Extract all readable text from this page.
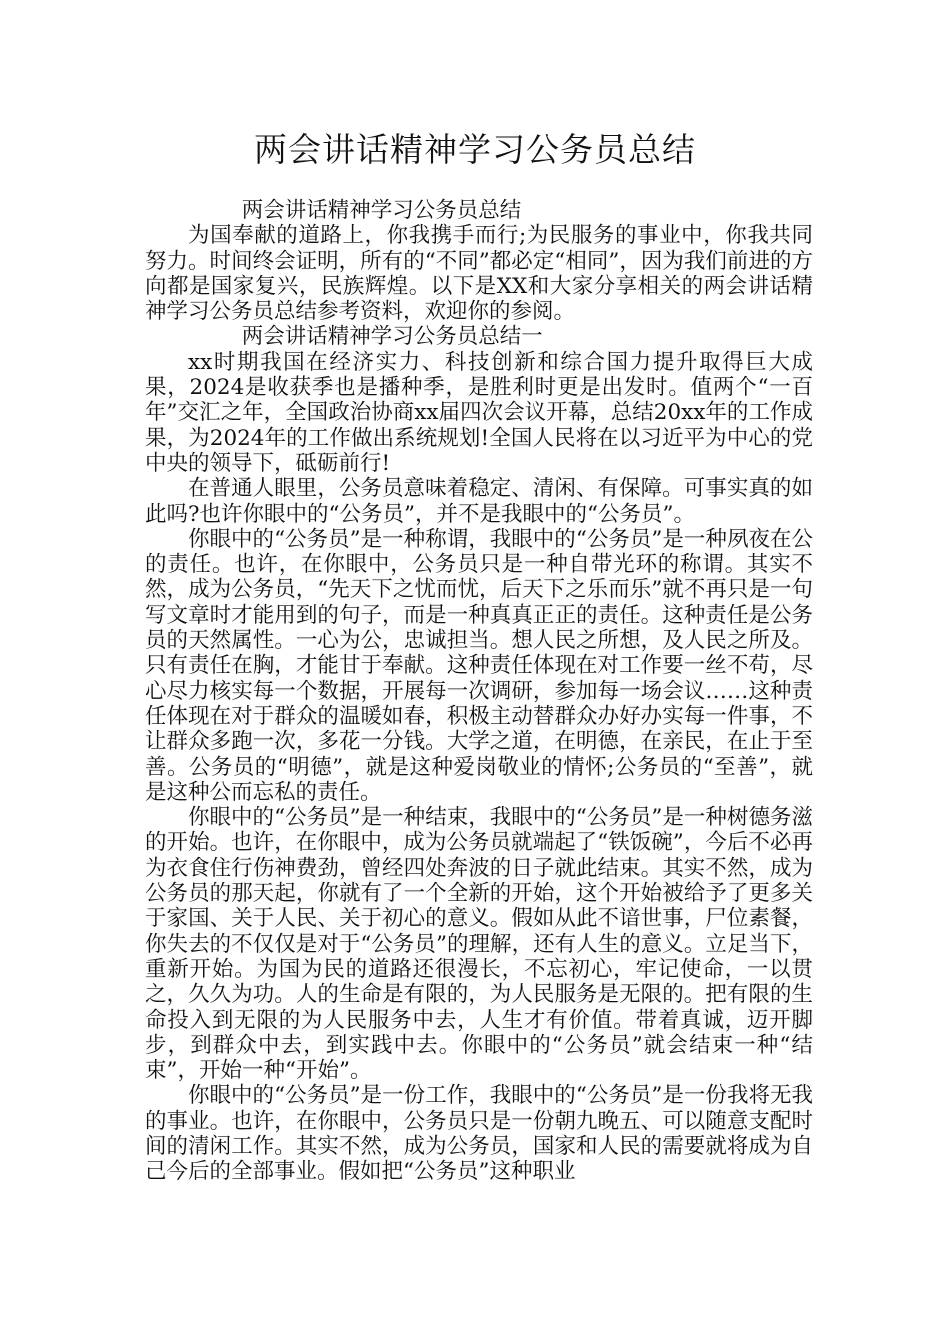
两会讲话精神学习公务员总结

两会讲话精神学习公务员总结

为国奉献的道路上，你我携手而行;为民服务的事业中，你我共同努力。时间终会证明，所有的“不同”都必定“相同”，因为我们前进的方向都是国家复兴，民族辉煌。以下是XX和大家分享相关的两会讲话精神学习公务员总结参考资料，欢迎你的参阅。

两会讲话精神学习公务员总结一

xx时期我国在经济实力、科技创新和综合国力提升取得巨大成果，2024是收获季也是播种季，是胜利时更是出发时。值两个“一百年”交汇之年，全国政治协商xx届四次会议开幕，总结20xx年的工作成果，为2024年的工作做出系统规划!全国人民将在以习近平为中心的党中央的领导下，砥砺前行!

在普通人眼里，公务员意味着稳定、清闲、有保障。可事实真的如此吗?也许你眼中的“公务员”，并不是我眼中的“公务员”。

你眼中的“公务员”是一种称谓，我眼中的“公务员”是一种夙夜在公的责任。也许，在你眼中，公务员只是一种自带光环的称谓。其实不然，成为公务员，“先天下之忧而忧，后天下之乐而乐”就不再只是一句写文章时才能用到的句子，而是一种真真正正的责任。这种责任是公务员的天然属性。一心为公，忠诚担当。想人民之所想，及人民之所及。只有责任在胸，才能甘于奉献。这种责任体现在对工作要一丝不苟，尽心尽力核实每一个数据，开展每一次调研，参加每一场会议……这种责任体现在对于群众的温暖如春，积极主动替群众办好办实每一件事，不让群众多跑一次，多花一分钱。大学之道，在明德，在亲民，在止于至善。公务员的“明德”，就是这种爱岗敬业的情怀;公务员的“至善”，就是这种公而忘私的责任。

你眼中的“公务员”是一种结束，我眼中的“公务员”是一种树德务滋的开始。也许，在你眼中，成为公务员就端起了“铁饭碗”，今后不必再为衣食住行伤神费劲，曾经四处奔波的日子就此结束。其实不然，成为公务员的那天起，你就有了一个全新的开始，这个开始被给予了更多关于家国、关于人民、关于初心的意义。假如从此不谙世事，尸位素餐，你失去的不仅仅是对于“公务员”的理解，还有人生的意义。立足当下，重新开始。为国为民的道路还很漫长，不忘初心，牢记使命，一以贯之，久久为功。人的生命是有限的，为人民服务是无限的。把有限的生命投入到无限的为人民服务中去，人生才有价值。带着真诚，迈开脚步，到群众中去，到实践中去。你眼中的“公务员”就会结束一种“结束”，开始一种“开始”。

你眼中的“公务员”是一份工作，我眼中的“公务员”是一份我将无我的事业。也许，在你眼中，公务员只是一份朝九晚五、可以随意支配时间的清闲工作。其实不然，成为公务员，国家和人民的需要就将成为自己今后的全部事业。假如把“公务员”这种职业
